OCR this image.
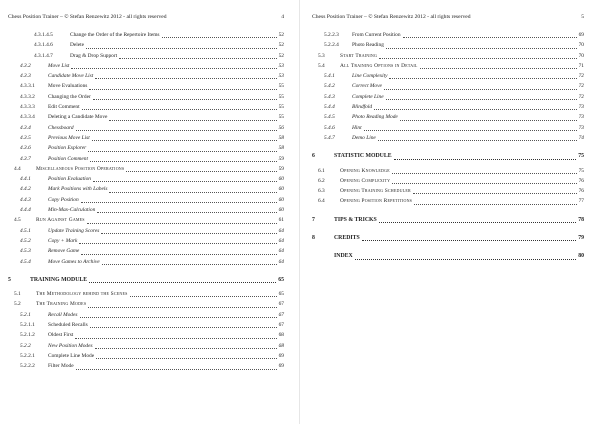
Chess Position Trainer – © Stefan Renzewitz 2012 - all rights reserved	4
4.3.1.4.5	Change the Order of the Repertoire Items	52
4.3.1.4.6	Delete	52
4.3.1.4.7	Drag & Drop Support	52
4.3.2	Move List	53
4.3.3	Candidate Move List	53
4.3.3.1	Move Evaluations	55
4.3.3.2	Changing the Order	55
4.3.3.3	Edit Comment	55
4.3.3.4	Deleting a Candidate Move	55
4.3.4	Chessboard	56
4.3.5	Previous Move List	58
4.3.6	Position Explorer	58
4.3.7	Position Comment	59
4.4	Miscellaneous Position Operations	59
4.4.1	Position Evaluation	60
4.4.2	Mark Positions with Labels	60
4.4.3	Copy Position	60
4.4.4	Min-Max-Calculation	60
4.5	Run Against Games	61
4.5.1	Update Training Scores	64
4.5.2	Copy + Mark	64
4.5.3	Remove Game	64
4.5.4	Move Games to Archive	64
5	TRAINING MODULE	65
5.1	The Methodology behind the Scenes	65
5.2	The Training Modes	67
5.2.1	Recall Modes	67
5.2.1.1	Scheduled Recalls	67
5.2.1.2	Oldest First	68
5.2.2	New Position Modes	68
5.2.2.1	Complete Line Mode	69
5.2.2.2	Filter Mode	69
Chess Position Trainer – © Stefan Renzewitz 2012 - all rights reserved	5
5.2.2.3	From Current Position	69
5.2.2.4	Photo Reading	70
5.3	Start Training	70
5.4	All Training Options in Detail	71
5.4.1	Line Complexity	72
5.4.2	Correct Move	72
5.4.3	Complete Line	72
5.4.4	Blindfold	73
5.4.5	Photo Reading Mode	73
5.4.6	Hint	73
5.4.7	Demo Line	74
6	STATISTIC MODULE	75
6.1	Opening Knowledge	75
6.2	Opening Complexity	76
6.3	Opening Training Scheduler	76
6.4	Opening Position Repetitions	77
7	TIPS & TRICKS	78
8	CREDITS	79
INDEX	80
